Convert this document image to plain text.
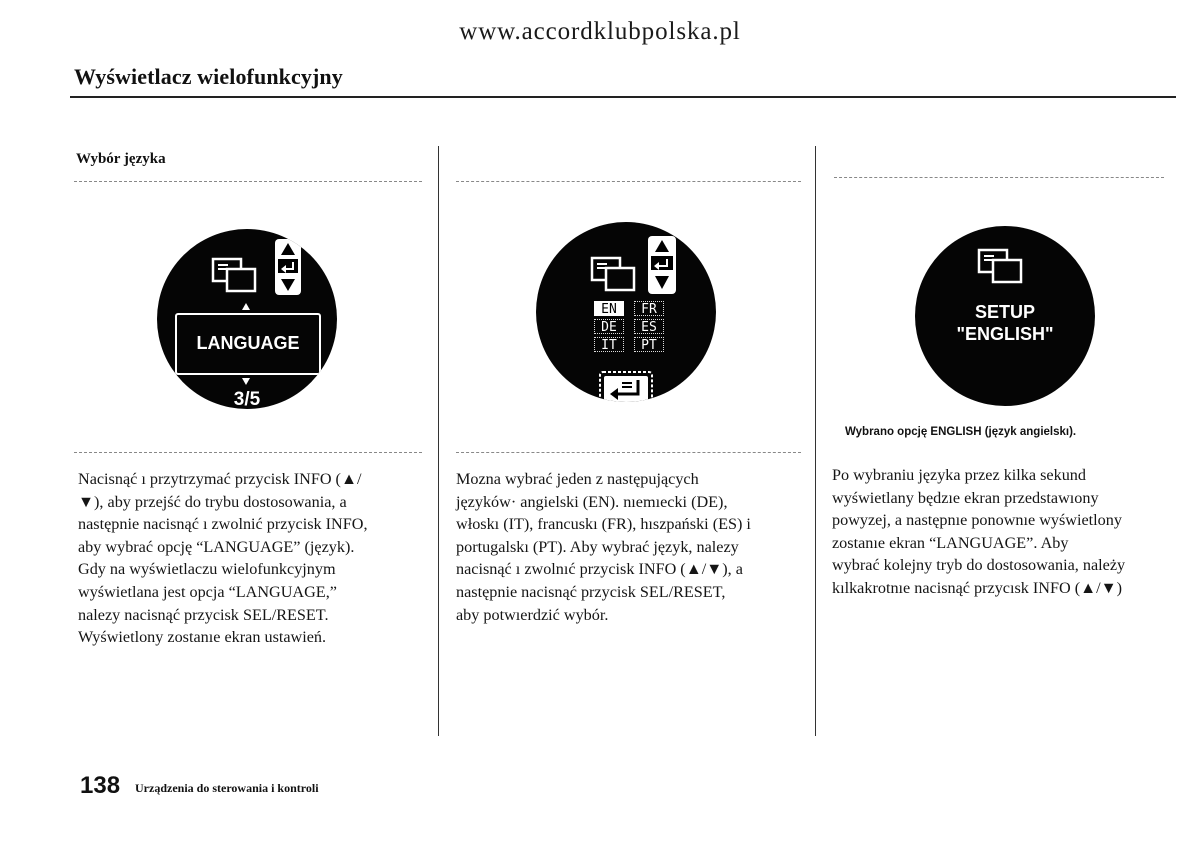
www.accordklubpolska.pl
Wyświetlacz wielofunkcyjny
Wybór języka
LANGUAGE
3/5
Nacisnąć ı przytrzymać przycisk INFO (▲/
▼), aby przejść do trybu dostosowania, a
następnie nacisnąć ı zwolnić przycisk INFO,
aby wybrać opcję “LANGUAGE” (język).
Gdy na wyświetlaczu wielofunkcyjnym
wyświetlana jest opcja “LANGUAGE,”
nalezy nacisnąć przycisk SEL/RESET.
Wyświetlony zostanıe ekran ustawień.
EN	FR
DE	ES
IT	PT
Mozna wybrać jeden z następujących
języków· angielski (EN). nıemıecki (DE),
włoskı (IT), francuskı (FR), hıszpański (ES) i
portugalskı (PT). Aby wybrać język, nalezy
nacisnąć ı zwolnıć przycisk INFO (▲/▼), a
następnie nacisnąć przycisk SEL/RESET,
aby potwıerdzić wybór.
SETUP
"ENGLISH"
Wybrano opcję ENGLISH (język angielskı).
Po wybraniu języka przez kilka sekund
wyświetlany będzıe ekran przedstawıony
powyzej, a następnıe ponownıe wyświetlony
zostanıe ekran “LANGUAGE”. Aby
wybrać kolejny tryb do dostosowania, należy
kılkakrotnıe nacisnąć przycısk INFO (▲/▼)
138 Urządzenia do sterowania i kontroli
